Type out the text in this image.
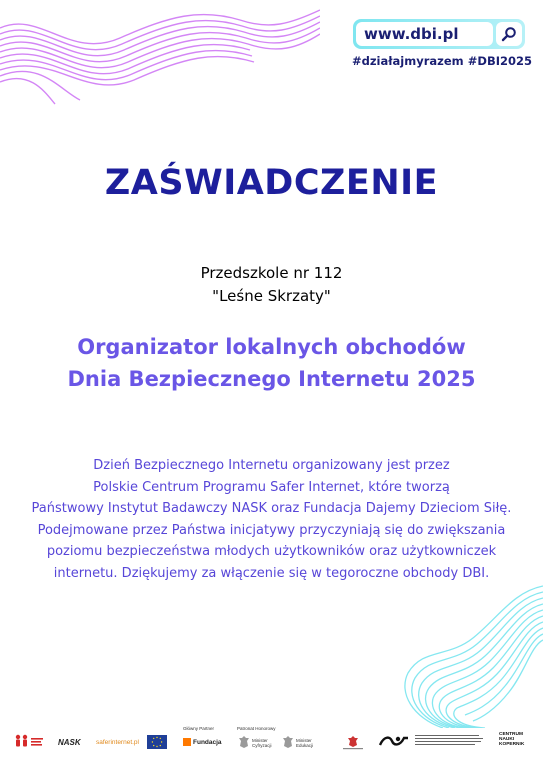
www.dbi.pl
#działajmyrazem #DBI2025
ZAŚWIADCZENIE
Przedszkole nr 112
"Leśne Skrzaty"
Organizator lokalnych obchodów
Dnia Bezpiecznego Internetu 2025
Dzień Bezpiecznego Internetu organizowany jest przez
Polskie Centrum Programu Safer Internet, które tworzą
Państwowy Instytut Badawczy NASK oraz Fundacja Dajemy Dzieciom Siłę.
Podejmowane przez Państwa inicjatywy przyczyniają się do zwiększania
poziomu bezpieczeństwa młodych użytkowników oraz użytkowniczek
internetu. Dziękujemy za włączenie się w tegoroczne obchody DBI.
NASK saferinternet.pl
Główny Partner
Fundacja
Patronat Honorowy
Minister Cyfryzacji
Minister Edukacji
CENTRUM NAUKI KOPERNIK
